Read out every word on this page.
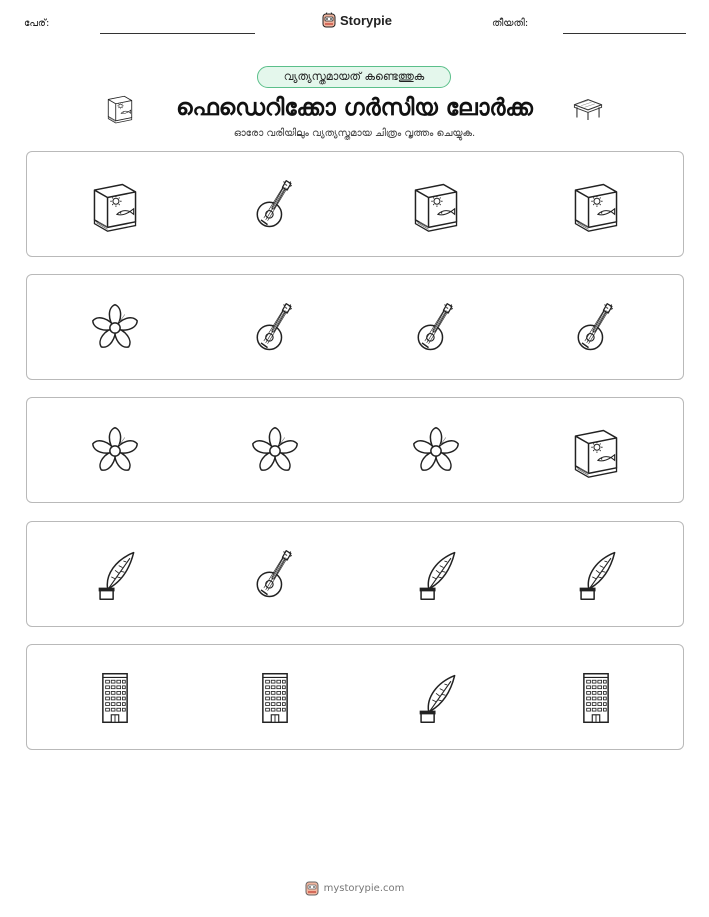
പേര്:	Storypie	തീയതി:
വ്യത്യസ്തമായത് കണ്ടെത്തുക
ഫെഡെറിക്കോ ഗർസിയ ലോർക്ക
ഓരോ വരിയിലും വ്യത്യസ്തമായ ചിത്രം വൃത്തം ചെയ്യുക.
mystorypie.com
